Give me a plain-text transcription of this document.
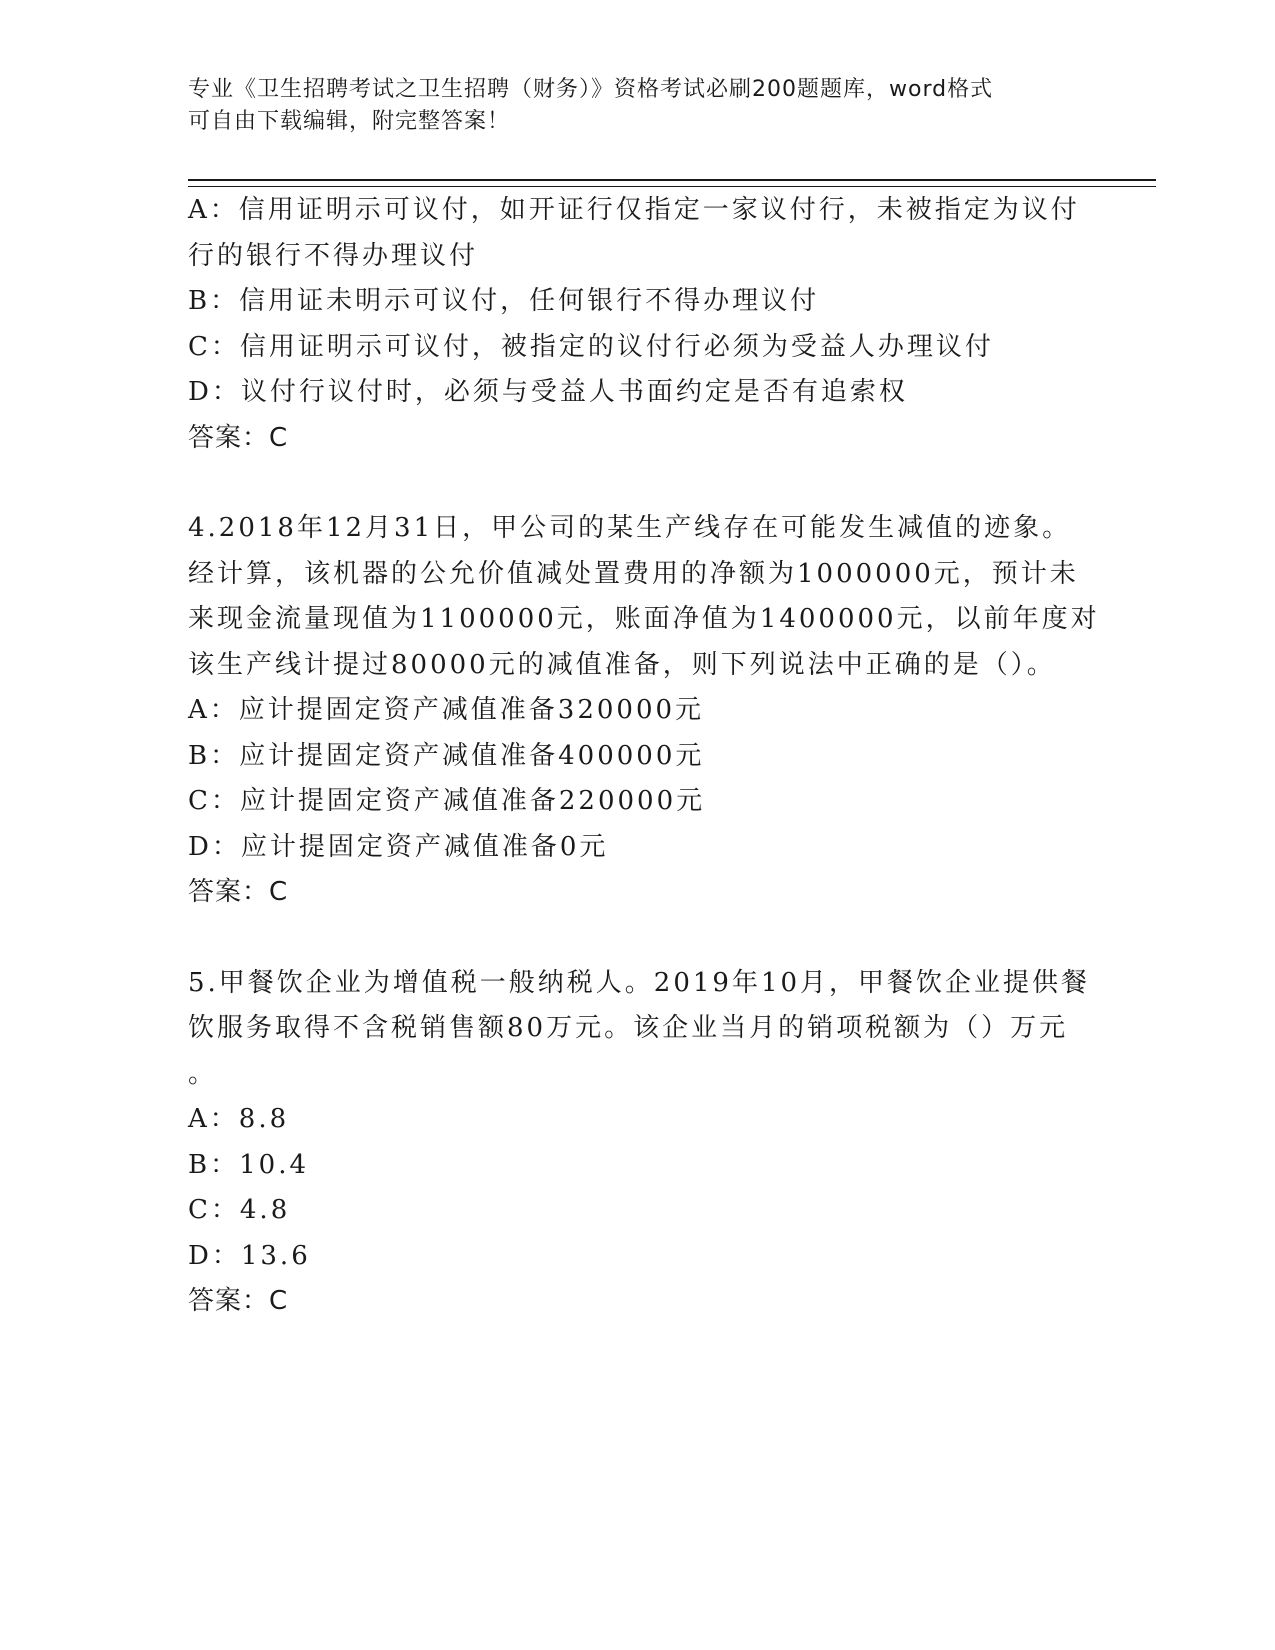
专业《卫生招聘考试之卫生招聘（财务）》资格考试必刷200题题库，word格式
可自由下载编辑，附完整答案！
A：信用证明示可议付，如开证行仅指定一家议付行，未被指定为议付
行的银行不得办理议付
B：信用证未明示可议付，任何银行不得办理议付
C：信用证明示可议付，被指定的议付行必须为受益人办理议付
D：议付行议付时，必须与受益人书面约定是否有追索权
答案：C
4.2018年12月31日，甲公司的某生产线存在可能发生减值的迹象。
经计算，该机器的公允价值减处置费用的净额为1000000元，预计未
来现金流量现值为1100000元，账面净值为1400000元，以前年度对
该生产线计提过80000元的减值准备，则下列说法中正确的是（）。
A：应计提固定资产减值准备320000元
B：应计提固定资产减值准备400000元
C：应计提固定资产减值准备220000元
D：应计提固定资产减值准备0元
答案：C
5.甲餐饮企业为增值税一般纳税人。2019年10月，甲餐饮企业提供餐
饮服务取得不含税销售额80万元。该企业当月的销项税额为（）万元
。
A：8.8
B：10.4
C：4.8
D：13.6
答案：C
